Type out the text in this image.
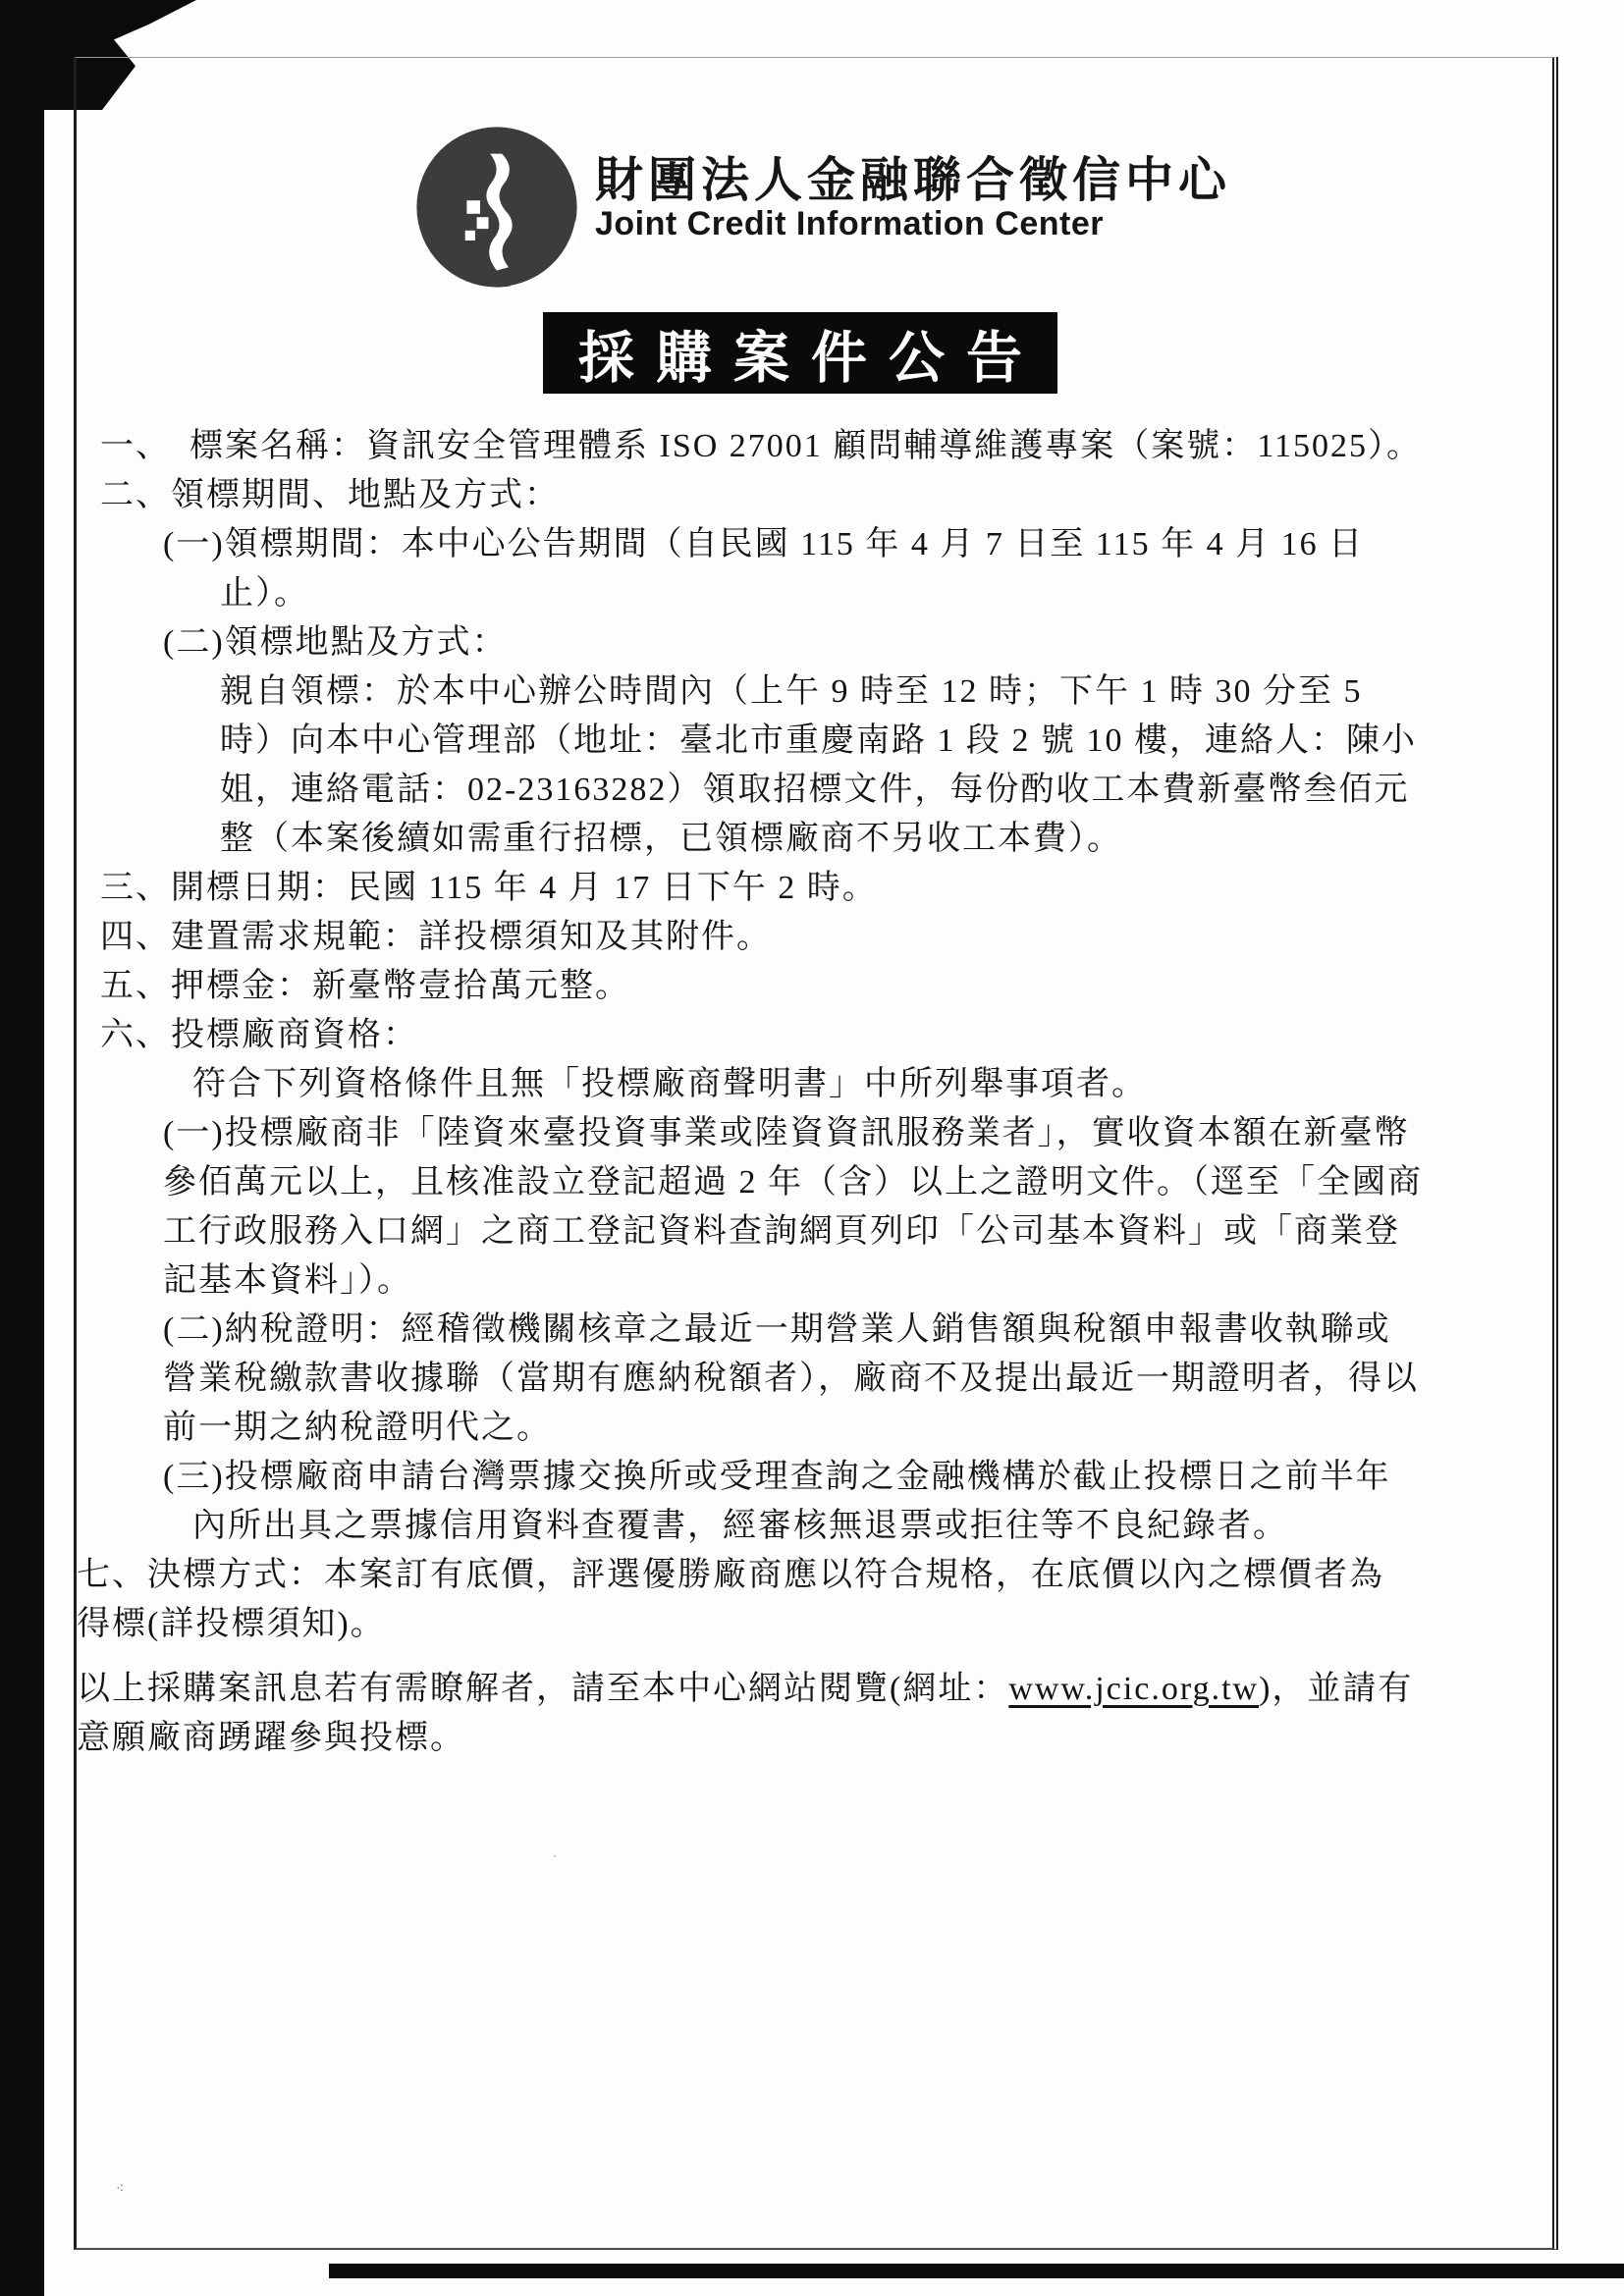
⁖
·
財團法人金融聯合徵信中心
Joint Credit Information Center
採購案件公告
一、　標案名稱：資訊安全管理體系 ISO 27001 顧問輔導維護專案（案號：115025）。
二、領標期間、地點及方式：
(一)領標期間：本中心公告期間（自民國 115 年 4 月 7 日至 115 年 4 月 16 日
止）。
(二)領標地點及方式：
親自領標：於本中心辦公時間內（上午 9 時至 12 時；下午 1 時 30 分至 5
時）向本中心管理部（地址：臺北市重慶南路 1 段 2 號 10 樓，連絡人：陳小
姐，連絡電話：02-23163282）領取招標文件，每份酌收工本費新臺幣叁佰元
整（本案後續如需重行招標，已領標廠商不另收工本費）。
三、開標日期：民國 115 年 4 月 17 日下午 2 時。
四、建置需求規範：詳投標須知及其附件。
五、押標金：新臺幣壹拾萬元整。
六、投標廠商資格：
符合下列資格條件且無「投標廠商聲明書」中所列舉事項者。
(一)投標廠商非「陸資來臺投資事業或陸資資訊服務業者」，實收資本額在新臺幣
參佰萬元以上，且核准設立登記超過 2 年（含）以上之證明文件。（逕至「全國商
工行政服務入口網」之商工登記資料查詢網頁列印「公司基本資料」或「商業登
記基本資料」）。
(二)納稅證明：經稽徵機關核章之最近一期營業人銷售額與稅額申報書收執聯或
營業稅繳款書收據聯（當期有應納稅額者），廠商不及提出最近一期證明者，得以
前一期之納稅證明代之。
(三)投標廠商申請台灣票據交換所或受理查詢之金融機構於截止投標日之前半年
內所出具之票據信用資料查覆書，經審核無退票或拒往等不良紀錄者。
七、決標方式：本案訂有底價，評選優勝廠商應以符合規格，在底價以內之標價者為
得標(詳投標須知)。
以上採購案訊息若有需瞭解者，請至本中心網站閱覽(網址：www.jcic.org.tw)，並請有
意願廠商踴躍參與投標。
